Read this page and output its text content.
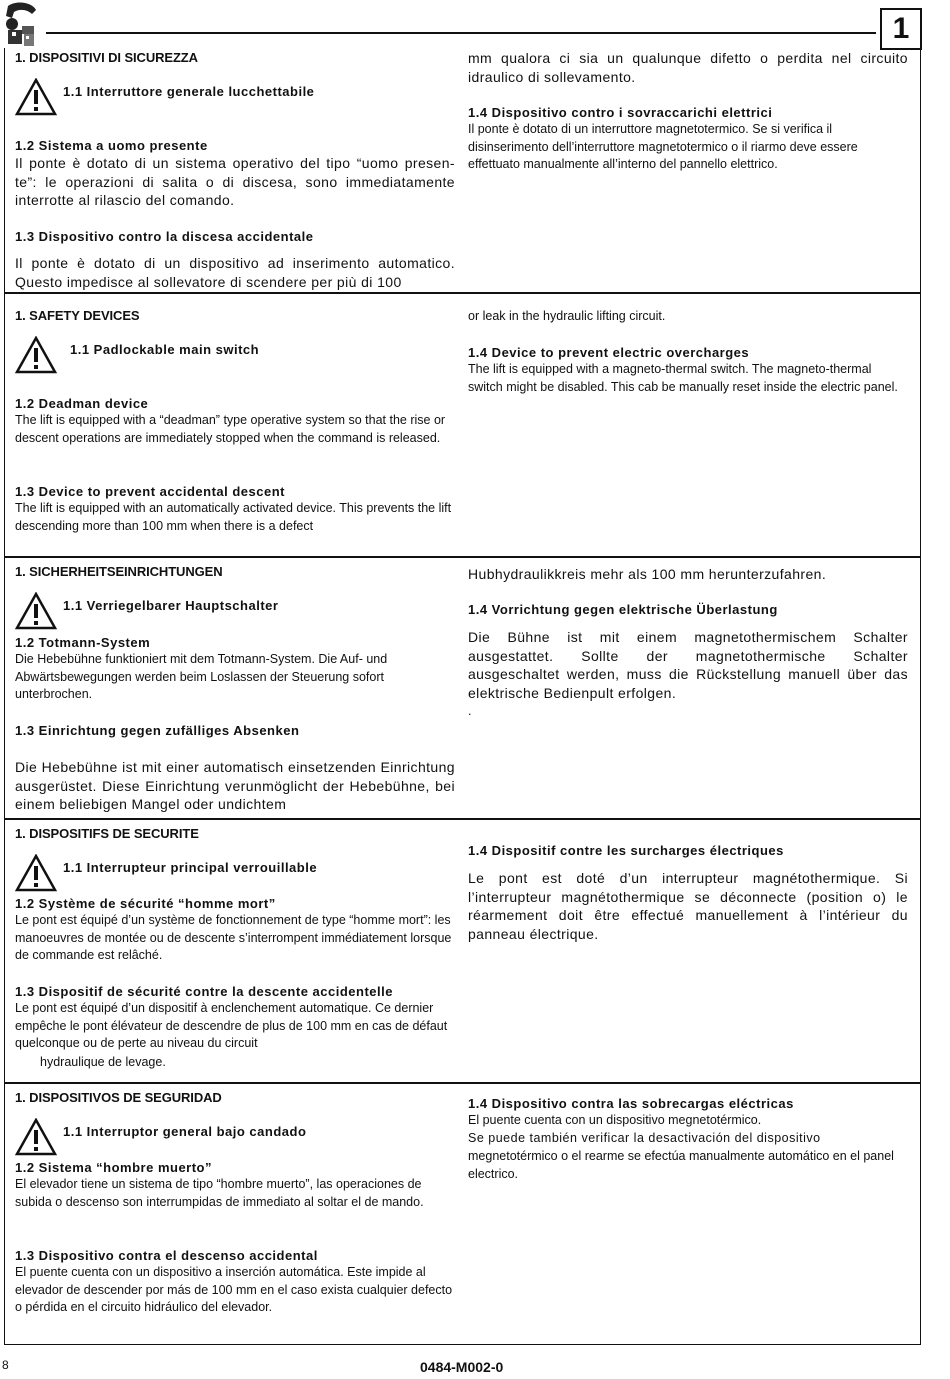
1

1. DISPOSITIVI DI SICUREZZA

1.1 Interruttore generale lucchettabile

1.2 Sistema a uomo presente

Il ponte è dotato di un sistema operativo del tipo “uomo presen- te”: le operazioni di salita o di discesa, sono immediatamente interrotte al rilascio del comando.

1.3 Dispositivo contro la discesa accidentale

Il ponte è dotato di un dispositivo ad inserimento automatico. Questo impedisce al sollevatore di scendere per più di 100

mm qualora ci sia un qualunque difetto o perdita nel circuito idraulico di sollevamento.

1.4 Dispositivo contro i sovraccarichi elettrici

Il ponte è dotato di un interruttore magnetotermico. Se si verifica il disinserimento dell’interruttore magnetotermico o il riarmo deve essere effettuato manualmente all’interno del pannello elettrico.

1. SAFETY DEVICES

1.1 Padlockable main switch

1.2 Deadman device

The lift is equipped with a “deadman” type operative system so that the rise or descent operations are immediately stopped when the command is released.

1.3 Device to prevent accidental descent

The lift is equipped with an automatically activated device. This prevents the lift descending more than 100 mm when there is a defect

or leak in the hydraulic lifting circuit.

1.4 Device to prevent electric overcharges

The lift is equipped with a magneto-thermal switch. The magneto-thermal switch might be disabled. This cab be manually reset inside the electric panel.

1. SICHERHEITSEINRICHTUNGEN

1.1 Verriegelbarer Hauptschalter

1.2 Totmann-System

Die Hebebühne funktioniert mit dem Totmann-System. Die Auf- und Abwärtsbewegungen werden beim Loslassen der Steuerung sofort unterbrochen.

1.3 Einrichtung gegen zufälliges Absenken

Die Hebebühne ist mit einer automatisch einsetzenden Einrichtung ausgerüstet. Diese Einrichtung verunmöglicht der Hebebühne, bei einem beliebigen Mangel oder undichtem

Hubhydraulikkreis mehr als 100 mm herunterzufahren.

1.4 Vorrichtung gegen elektrische Überlastung

Die Bühne ist mit einem magnetothermischem Schalter ausgestattet. Sollte der magnetothermische Schalter ausgeschaltet werden, muss die Rückstellung manuell über das elektrische Bedienpult erfolgen.

.

1. DISPOSITIFS DE SECURITE

1.1 Interrupteur principal verrouillable

1.2 Système de sécurité “homme mort”

Le pont est équipé d’un système de fonctionnement de type “homme mort”: les manoeuvres de montée ou de descente s’interrompent immédiatement lorsque de commande est relâché.

1.3 Dispositif de sécurité contre la descente accidentelle

Le pont est équipé d’un dispositif à enclenchement automatique. Ce dernier empêche le pont élévateur de descendre de plus de 100 mm en cas de défaut quelconque ou de perte au niveau du circuit

hydraulique de levage.

1.4 Dispositif contre les surcharges électriques

Le pont est doté d’un interrupteur magnétothermique. Si l’interrupteur magnétothermique se déconnecte (position o) le réarmement doit être effectué manuellement à l’intérieur du panneau électrique.

1. DISPOSITIVOS DE SEGURIDAD

1.1 Interruptor general bajo candado

1.2 Sistema “hombre muerto”

El elevador tiene un sistema de tipo “hombre muerto”, las operaciones de subida o descenso son interrumpidas de immediato al soltar el de mando.

1.3 Dispositivo contra el descenso accidental

El puente cuenta con un dispositivo a inserción automática. Este impide al elevador de descender por más de 100 mm en el caso exista cualquier defecto o pérdida en el circuito hidráulico del elevador.

1.4 Dispositivo contra las sobrecargas eléctricas

El puente cuenta con un dispositivo megnetotérmico.

Se puede también verificar la desactivación del dispositivo

megnetotérmico o el rearme se efectúa manualmente automático en el panel electrico.

8	0484-M002-0
